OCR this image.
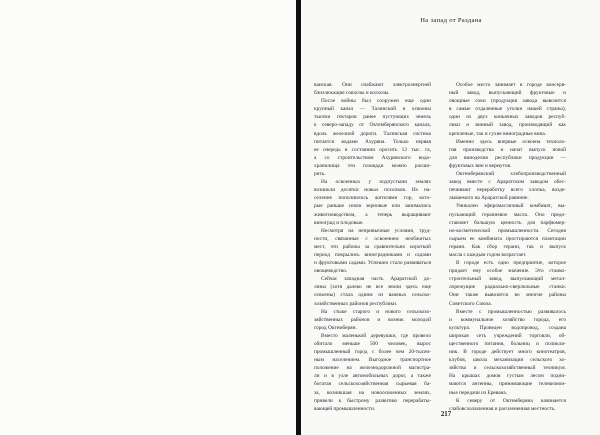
На запад от Раздана
ванская. Они снабжают электроэнергией
близлежащие совхозы и колхозы.
После войны был сооружен еще один
крупный канал — Талинский и освоены
тысячи гектаров ранее пустующих земель
к северо-западу от Октемберянского канала,
вдоль железной дороги. Талинская система
питается водами Ахуряна. Только первая
ее очередь в состоянии оросить 12 тыс. га,
а со строительством Ахурянского водо-
хранилища эти площади можно расши-
рить.
На освоенных у подпустыни землях
возникли десятки новых поселков. Их на-
селение пополнилось жителями гор, кото-
рые раньше сеяли зерновые или занимались
животноводством, а теперь выращивают
виноград и плодовые.
Несмотря на непривычные условия, труд-
ности, связанные с освоением необжитых
мест, эти районы за сравнительно короткий
период покрылись виноградниками и садами
и фруктовыми садами. Успешно стало развиваться
овощеводство.
Сейчас западная часть Араратской до-
лины (хотя далеко не все земли здесь еще
освоены) стала одним из важных сельско-
хозяйственных районов республики.
На стыке старого и нового сельскохо-
зяйственных районов и возник молодой
город Октемберян.
Вместо маленькой деревушки, где провело
обитало меньше 500 человек, вырос
промышленный город с более чем 20-тысяч-
ным населением. Выгодное транспортное
положение на железнодорожной магистра-
ли и в узле автомобильных дорог, а также
богатая сельскохозяйственная сырьевая ба-
за, возникшая на новоосвоенных землях,
привели к быстрому развитию перерабаты-
вающей промышленности.
Особое место занимает в городе консерв-
ный завод, выпускающий фруктовые и
овощные соки (продукция завода вывозится
в самые отдаленные уголки нашей страны),
один из двух коньячных заводов респуб-
лики и винный завод, производящий как
крепленые, так и сухие виноградные вина.
Именно здесь впервые освоена техноло-
гия производства и начат выпуск новой
для виноделия республики продукции —
фруктовых вин и вермутов.
Октемберянский хлебопроизводственный
завод вместе с Араратским заводом обес-
печивают переработку всего хлопка, возде-
лываемого на Араратской равнине.
Уникален эфиромасличный комбинат, вы-
пускающий гераниевое масло. Оно предо-
ставляет большую ценность для парфюмер-
но-косметической промышленности. Сегодня
сырьем ее комбината простираются плантации
герани. Как сбор герани, так и выпуск
масла с каждым годом возрастает.
В городе есть одно предприятие, которое
придает ему особое значение. Это станко-
строительный завод, выпускающий метал-
лорежущие радиально-сверлильные станки.
Они также вывозятся во многие районы
Советского Союза.
Вместе с промышленностью развивалось
и коммунальное хозяйство города, его
культура. Проведен водопровод, создана
широкая сеть учреждений торговли, об-
щественного питания, больниц и поликли-
ник. В городе действует много кинотеатров,
клубов, школа механизации сельского хо-
зяйства и сельскохозяйственный техникум.
На крышах домов густым лесом подни-
маются антенны, принимающие телевизион-
ные передачи из Еревана.
К северу от Октемберяна начинается
слабовсхолмленная и расчлененная местность.
217
